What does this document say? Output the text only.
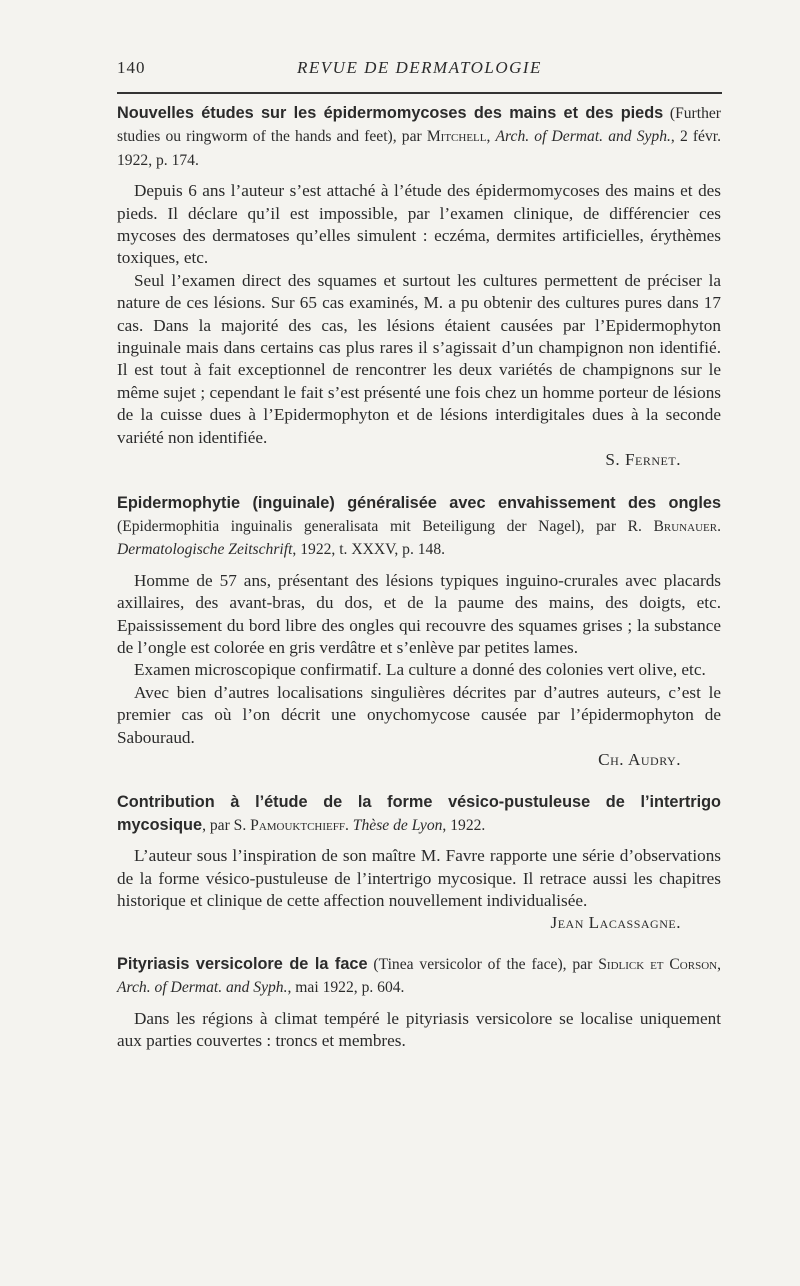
140	REVUE DE DERMATOLOGIE

Nouvelles études sur les épidermomycoses des mains et des pieds (Further studies ou ringworm of the hands and feet), par Mitchell, Arch. of Dermat. and Syph., 2 févr. 1922, p. 174.

Depuis 6 ans l’auteur s’est attaché à l’étude des épidermomycoses des mains et des pieds. Il déclare qu’il est impossible, par l’examen clinique, de différencier ces mycoses des dermatoses qu’elles simulent : eczéma, dermites artificielles, érythèmes toxiques, etc.

Seul l’examen direct des squames et surtout les cultures permettent de préciser la nature de ces lésions. Sur 65 cas examinés, M. a pu obtenir des cultures pures dans 17 cas. Dans la majorité des cas, les lésions étaient causées par l’Epidermophyton inguinale mais dans certains cas plus rares il s’agissait d’un champignon non identifié. Il est tout à fait exceptionnel de rencontrer les deux variétés de champignons sur le même sujet ; cependant le fait s’est présenté une fois chez un homme porteur de lésions de la cuisse dues à l’Epidermophyton et de lésions interdigitales dues à la seconde variété non identifiée.

S. Fernet.

Epidermophytie (inguinale) généralisée avec envahissement des ongles (Epidermophitia inguinalis generalisata mit Beteiligung der Nagel), par R. Brunauer. Dermatologische Zeitschrift, 1922, t. XXXV, p. 148.

Homme de 57 ans, présentant des lésions typiques inguino-crurales avec placards axillaires, des avant-bras, du dos, et de la paume des mains, des doigts, etc. Epaississement du bord libre des ongles qui recouvre des squames grises ; la substance de l’ongle est colorée en gris verdâtre et s’enlève par petites lames.

Examen microscopique confirmatif. La culture a donné des colonies vert olive, etc.

Avec bien d’autres localisations singulières décrites par d’autres auteurs, c’est le premier cas où l’on décrit une onychomycose causée par l’épidermophyton de Sabouraud.

Ch. Audry.

Contribution à l’étude de la forme vésico-pustuleuse de l’intertrigo mycosique, par S. Pamouktchieff. Thèse de Lyon, 1922.

L’auteur sous l’inspiration de son maître M. Favre rapporte une série d’observations de la forme vésico-pustuleuse de l’intertrigo mycosique. Il retrace aussi les chapitres historique et clinique de cette affection nouvellement individualisée.

Jean Lacassagne.

Pityriasis versicolore de la face (Tinea versicolor of the face), par Sidlick et Corson, Arch. of Dermat. and Syph., mai 1922, p. 604.

Dans les régions à climat tempéré le pityriasis versicolore se localise uniquement aux parties couvertes : troncs et membres.
